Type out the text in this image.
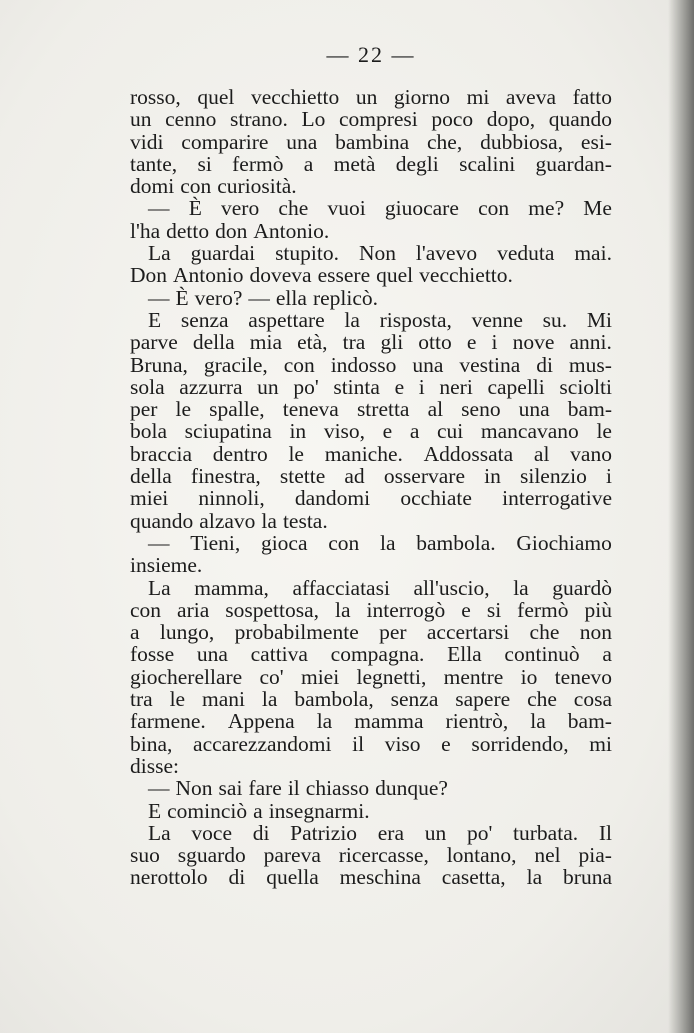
— 22 —
rosso, quel vecchietto un giorno mi aveva fatto
un cenno strano. Lo compresi poco dopo, quando
vidi comparire una bambina che, dubbiosa, esi-
tante, si fermò a metà degli scalini guardan-
domi con curiosità.
— È vero che vuoi giuocare con me? Me
l'ha detto don Antonio.
La guardai stupito. Non l'avevo veduta mai.
Don Antonio doveva essere quel vecchietto.
— È vero? — ella replicò.
E senza aspettare la risposta, venne su. Mi
parve della mia età, tra gli otto e i nove anni.
Bruna, gracile, con indosso una vestina di mus-
sola azzurra un po' stinta e i neri capelli sciolti
per le spalle, teneva stretta al seno una bam-
bola sciupatina in viso, e a cui mancavano le
braccia dentro le maniche. Addossata al vano
della finestra, stette ad osservare in silenzio i
miei ninnoli, dandomi occhiate interrogative
quando alzavo la testa.
— Tieni, gioca con la bambola. Giochiamo
insieme.
La mamma, affacciatasi all'uscio, la guardò
con aria sospettosa, la interrogò e si fermò più
a lungo, probabilmente per accertarsi che non
fosse una cattiva compagna. Ella continuò a
giocherellare co' miei legnetti, mentre io tenevo
tra le mani la bambola, senza sapere che cosa
farmene. Appena la mamma rientrò, la bam-
bina, accarezzandomi il viso e sorridendo, mi
disse:
— Non sai fare il chiasso dunque?
E cominciò a insegnarmi.
La voce di Patrizio era un po' turbata. Il
suo sguardo pareva ricercasse, lontano, nel pia-
nerottolo di quella meschina casetta, la bruna
